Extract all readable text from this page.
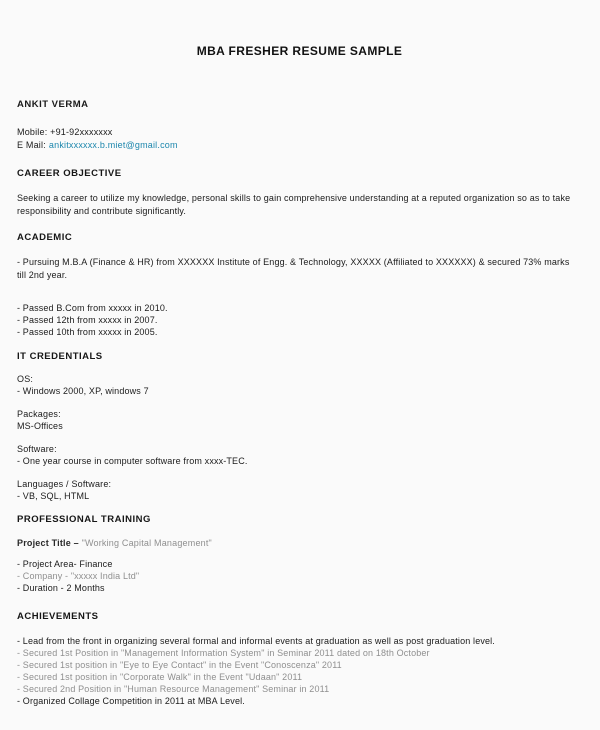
MBA FRESHER RESUME SAMPLE
ANKIT VERMA
Mobile: +91-92xxxxxxx
E Mail: ankitxxxxxx.b.miet@gmail.com
CAREER OBJECTIVE

Seeking a career to utilize my knowledge, personal skills to gain comprehensive understanding at a reputed organization so as to take responsibility and contribute significantly.

ACADEMIC

- Pursuing M.B.A (Finance & HR) from XXXXXX Institute of Engg. & Technology, XXXXX (Affiliated to XXXXXX) & secured 73% marks till 2nd year.

- Passed B.Com from xxxxx in 2010.
- Passed 12th from xxxxx in 2007.
- Passed 10th from xxxxx in 2005.
IT CREDENTIALS
OS:
- Windows 2000, XP, windows 7
Packages:
MS-Offices
Software:
- One year course in computer software from xxxx-TEC.
Languages / Software:
- VB, SQL, HTML
PROFESSIONAL TRAINING
Project Title – "Working Capital Management"
- Project Area- Finance
- Company - "xxxxx India Ltd"
- Duration - 2 Months
ACHIEVEMENTS
- Lead from the front in organizing several formal and informal events at graduation as well as post graduation level.
- Secured 1st Position in "Management Information System" in Seminar 2011 dated on 18th October
- Secured 1st position in "Eye to Eye Contact" in the Event "Conoscenza" 2011
- Secured 1st position in "Corporate Walk" in the Event "Udaan" 2011
- Secured 2nd Position in "Human Resource Management" Seminar in 2011
- Organized Collage Competition in 2011 at MBA Level.
